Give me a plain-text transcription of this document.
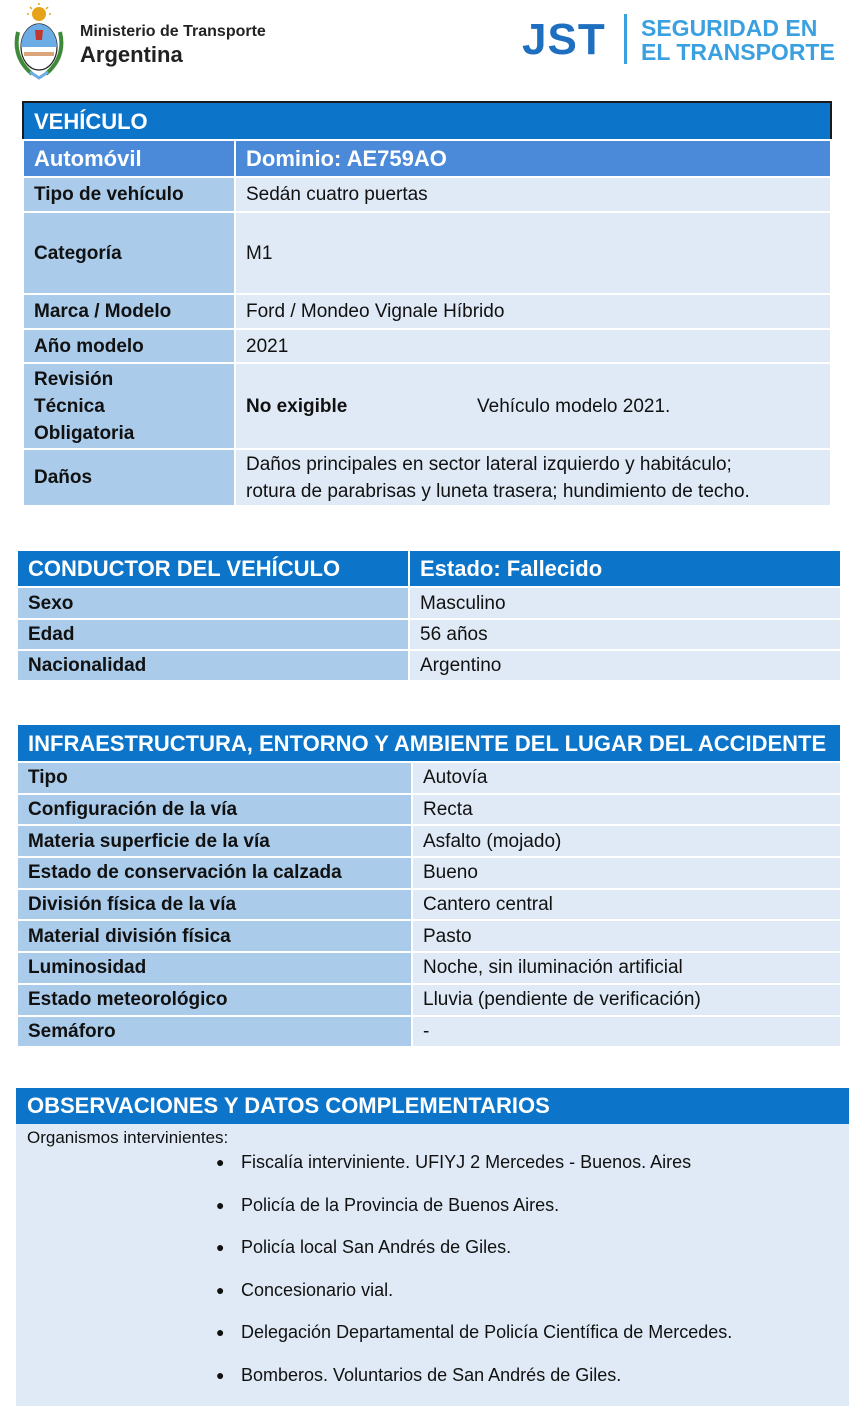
Ministerio de Transporte
Argentina	JST SEGURIDAD EN
EL TRANSPORTE
VEHÍCULO	
Automóvil	Dominio: AE759AO
Tipo de vehículo	Sedán cuatro puertas
Categoría	M1
Marca / Modelo	Ford / Mondeo Vignale Híbrido
Año modelo	2021

Revisión
Técnica
Obligatoria	No exigible Vehículo modelo 2021.
Daños	Daños principales en sector lateral izquierdo y habitáculo;
rotura de parabrisas y luneta trasera; hundimiento de techo.
CONDUCTOR DEL VEHÍCULO	Estado: Fallecido
Sexo	Masculino
Edad	56 años
Nacionalidad	Argentino
INFRAESTRUCTURA, ENTORNO Y AMBIENTE DEL LUGAR DEL ACCIDENTE	
Tipo	Autovía
Configuración de la vía	Recta
Materia superficie de la vía	Asfalto (mojado)
Estado de conservación la calzada	Bueno
División física de la vía	Cantero central
Material división física	Pasto
Luminosidad	Noche, sin iluminación artificial
Estado meteorológico	Lluvia (pendiente de verificación)
Semáforo	-
OBSERVACIONES Y DATOS COMPLEMENTARIOS
Organismos intervinientes:
● Fiscalía interviniente. UFIYJ 2 Mercedes - Buenos. Aires
● Policía de la Provincia de Buenos Aires.
● Policía local San Andrés de Giles.
● Concesionario vial.
● Delegación Departamental de Policía Científica de Mercedes.
● Bomberos. Voluntarios de San Andrés de Giles.
